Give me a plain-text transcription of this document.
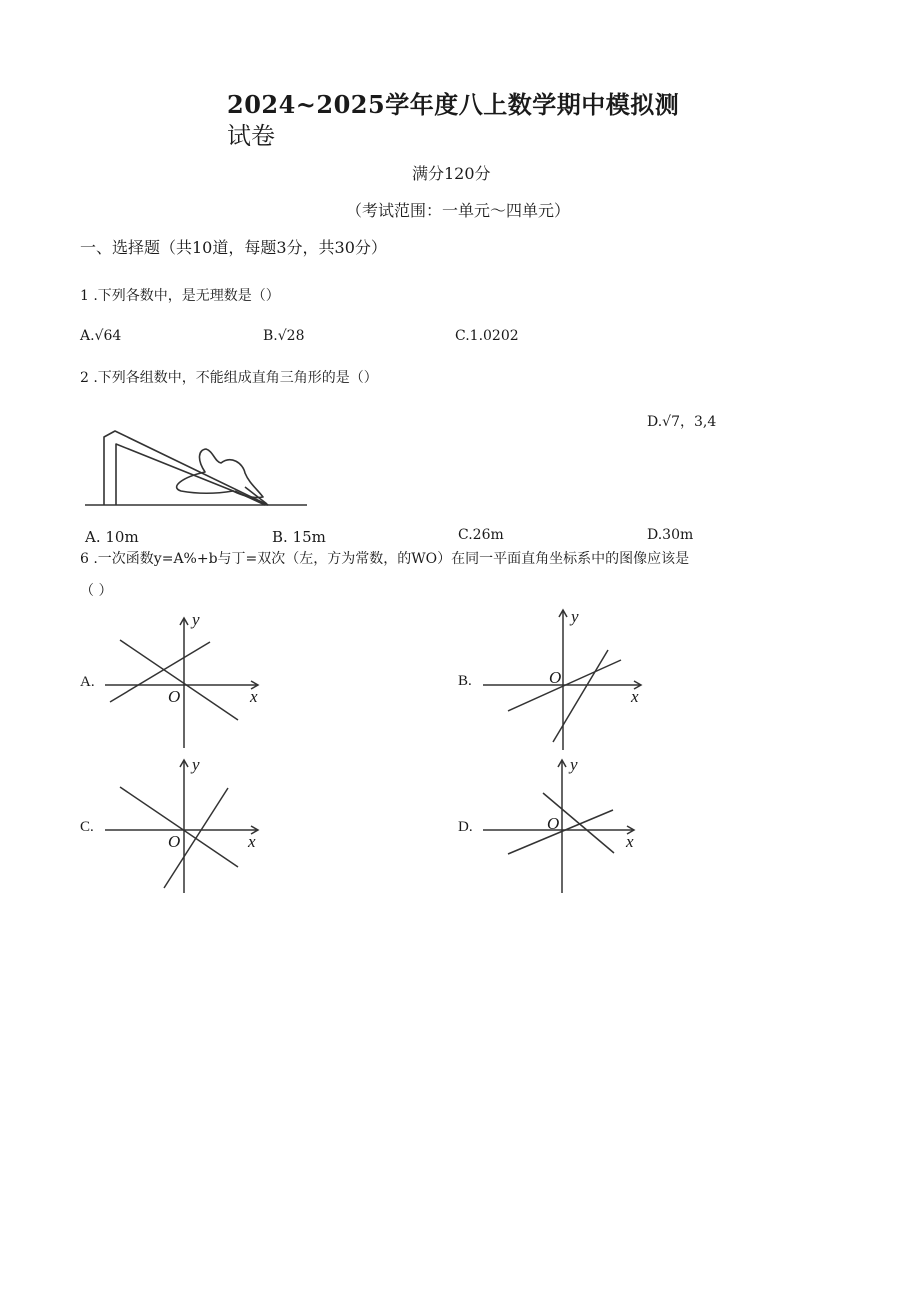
2024~2025学年度八上数学期中模拟测
试卷
满分120分
（考试范围：一单元～四单元）
一、选择题（共10道，每题3分，共30分）
1 .下列各数中，是无理数是（）
A.√64	B.√28	C.1.0202
2 .下列各组数中，不能组成直角三角形的是（）
D.√7，3,4
A. 10m	B. 15m	C.26m	D.30m
6 .一次函数y=A%+b与丁=双次（左，方为常数，的WO）在同一平面直角坐标系中的图像应该是
（ ）
A.
O	x
y
B.	O
x
y
C.
O	x
y
D.	O
x
y
